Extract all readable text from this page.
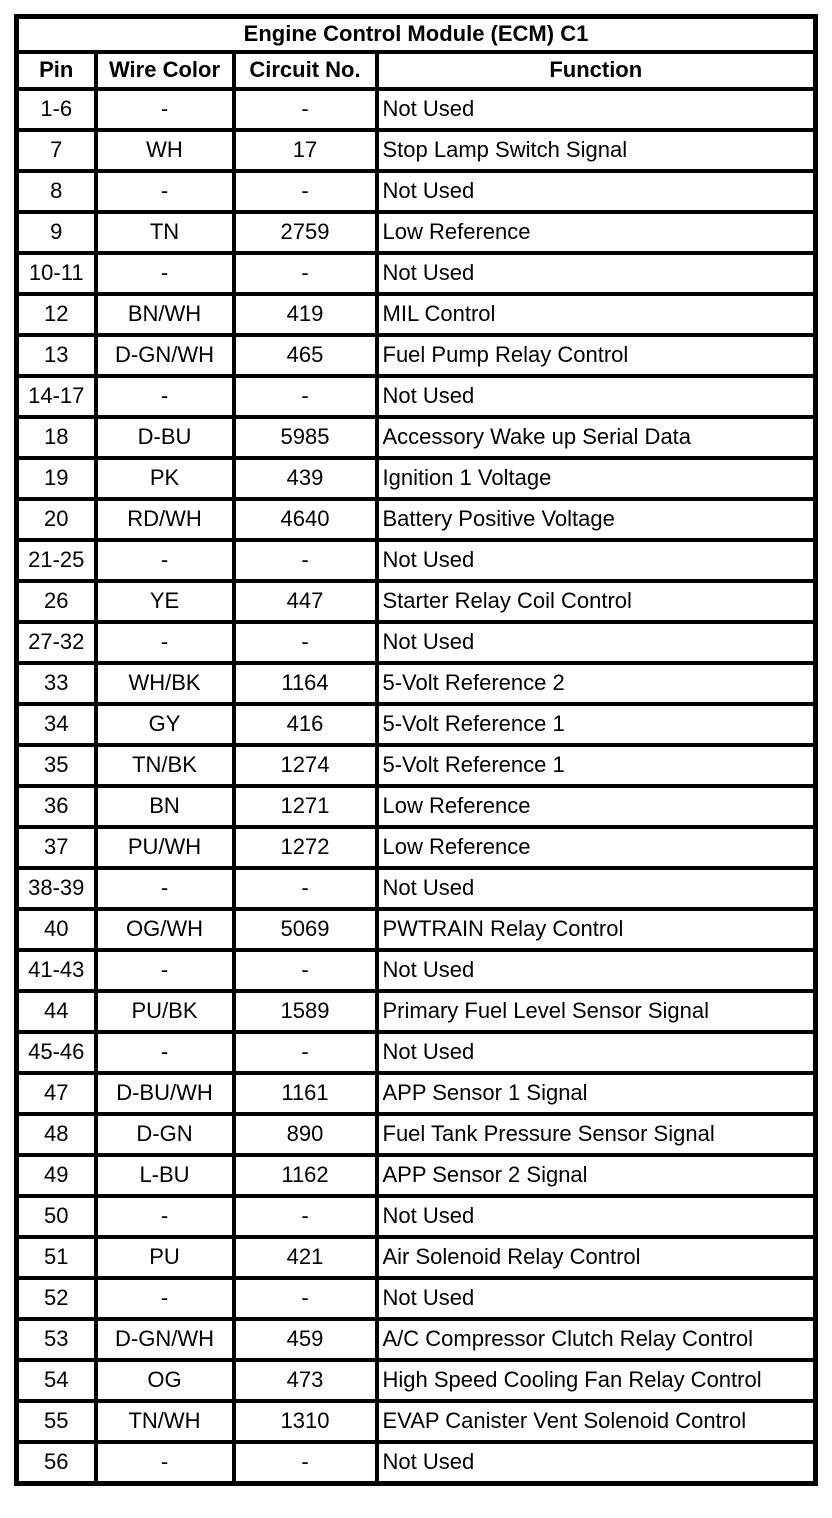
Engine Control Module (ECM) C1			
Pin	Wire Color	Circuit No.	Function
1-6	-	-	Not Used
7	WH	17	Stop Lamp Switch Signal
8	-	-	Not Used
9	TN	2759	Low Reference
10-11	-	-	Not Used
12	BN/WH	419	MIL Control
13	D-GN/WH	465	Fuel Pump Relay Control
14-17	-	-	Not Used
18	D-BU	5985	Accessory Wake up Serial Data
19	PK	439	Ignition 1 Voltage
20	RD/WH	4640	Battery Positive Voltage
21-25	-	-	Not Used
26	YE	447	Starter Relay Coil Control
27-32	-	-	Not Used
33	WH/BK	1164	5-Volt Reference 2
34	GY	416	5-Volt Reference 1
35	TN/BK	1274	5-Volt Reference 1
36	BN	1271	Low Reference
37	PU/WH	1272	Low Reference
38-39	-	-	Not Used
40	OG/WH	5069	PWTRAIN Relay Control
41-43	-	-	Not Used
44	PU/BK	1589	Primary Fuel Level Sensor Signal
45-46	-	-	Not Used
47	D-BU/WH	1161	APP Sensor 1 Signal
48	D-GN	890	Fuel Tank Pressure Sensor Signal
49	L-BU	1162	APP Sensor 2 Signal
50	-	-	Not Used
51	PU	421	Air Solenoid Relay Control
52	-	-	Not Used
53	D-GN/WH	459	A/C Compressor Clutch Relay Control
54	OG	473	High Speed Cooling Fan Relay Control
55	TN/WH	1310	EVAP Canister Vent Solenoid Control
56	-	-	Not Used
